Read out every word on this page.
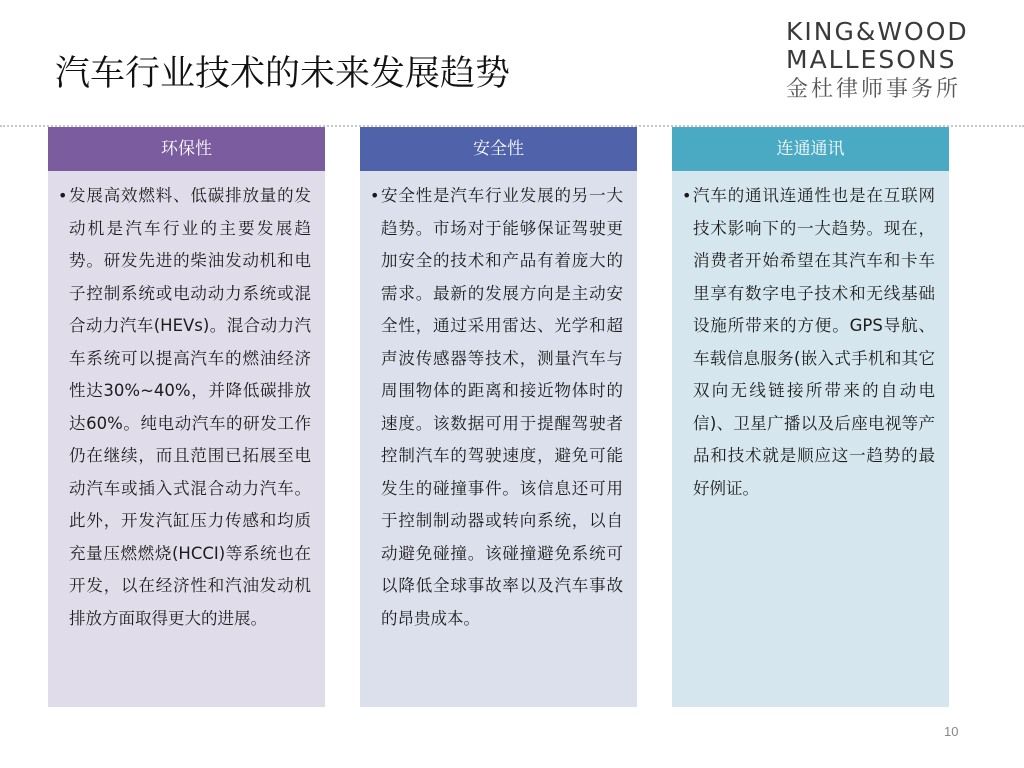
汽车行业技术的未来发展趋势
KING&WOOD
MALLESONS
金杜律师事务所
环保性
• 发展高效燃料、低碳排放量的发动机是汽车行业的主要发展趋势。研发先进的柴油发动机和电子控制系统或电动动力系统或混合动力汽车(HEVs)。混合动力汽车系统可以提高汽车的燃油经济性达30%~40%，并降低碳排放达60%。纯电动汽车的研发工作仍在继续，而且范围已拓展至电动汽车或插入式混合动力汽车。此外，开发汽缸压力传感和均质充量压燃燃烧(HCCI)等系统也在开发，以在经济性和汽油发动机排放方面取得更大的进展。
安全性
• 安全性是汽车行业发展的另一大趋势。市场对于能够保证驾驶更加安全的技术和产品有着庞大的需求。最新的发展方向是主动安全性，通过采用雷达、光学和超声波传感器等技术，测量汽车与周围物体的距离和接近物体时的速度。该数据可用于提醒驾驶者控制汽车的驾驶速度，避免可能发生的碰撞事件。该信息还可用于控制制动器或转向系统，以自动避免碰撞。该碰撞避免系统可以降低全球事故率以及汽车事故的昂贵成本。
连通通讯
• 汽车的通讯连通性也是在互联网技术影响下的一大趋势。现在，消费者开始希望在其汽车和卡车里享有数字电子技术和无线基础设施所带来的方便。GPS导航、车载信息服务(嵌入式手机和其它双向无线链接所带来的自动电信)、卫星广播以及后座电视等产品和技术就是顺应这一趋势的最好例证。
10
